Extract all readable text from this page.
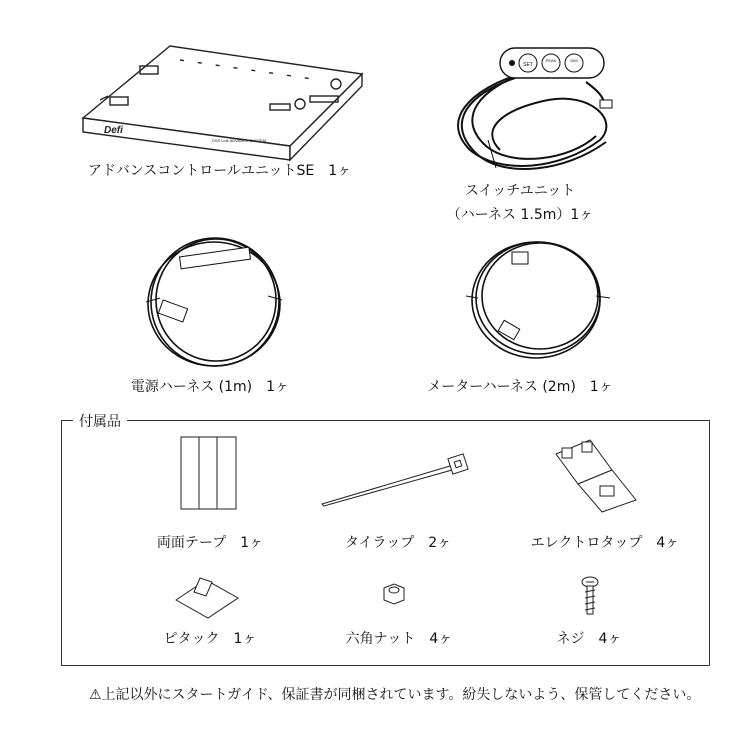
Defi
DSS Link ADVANCE SYSTEM
アドバンスコントロールユニットSE　1ヶ
SET
PEAK	DIM
スイッチユニット
（ハーネス 1.5m）1ヶ
電源ハーネス (1m)　1ヶ	メーターハーネス (2m)　1ヶ
付属品
両面テープ　1ヶ	タイラップ　2ヶ	エレクトロタップ　4ヶ
ピタック　1ヶ	六角ナット　4ヶ	ネジ　4ヶ
⚠上記以外にスタートガイド、保証書が同梱されています。紛失しないよう、保管してください。
